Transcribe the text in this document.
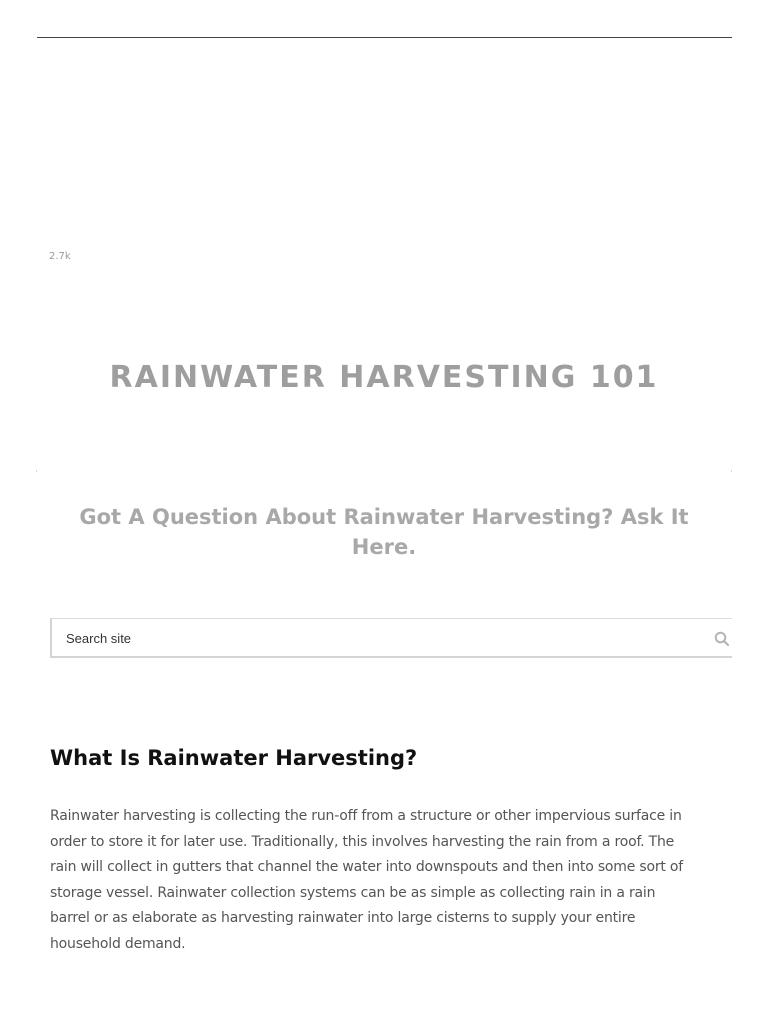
2.7k
RAINWATER HARVESTING 101
Got A Question About Rainwater Harvesting? Ask It Here.
Search site
What Is Rainwater Harvesting?

Rainwater harvesting is collecting the run-off from a structure or other impervious surface in order to store it for later use. Traditionally, this involves harvesting the rain from a roof. The rain will collect in gutters that channel the water into downspouts and then into some sort of storage vessel. Rainwater collection systems can be as simple as collecting rain in a rain barrel or as elaborate as harvesting rainwater into large cisterns to supply your entire household demand.
